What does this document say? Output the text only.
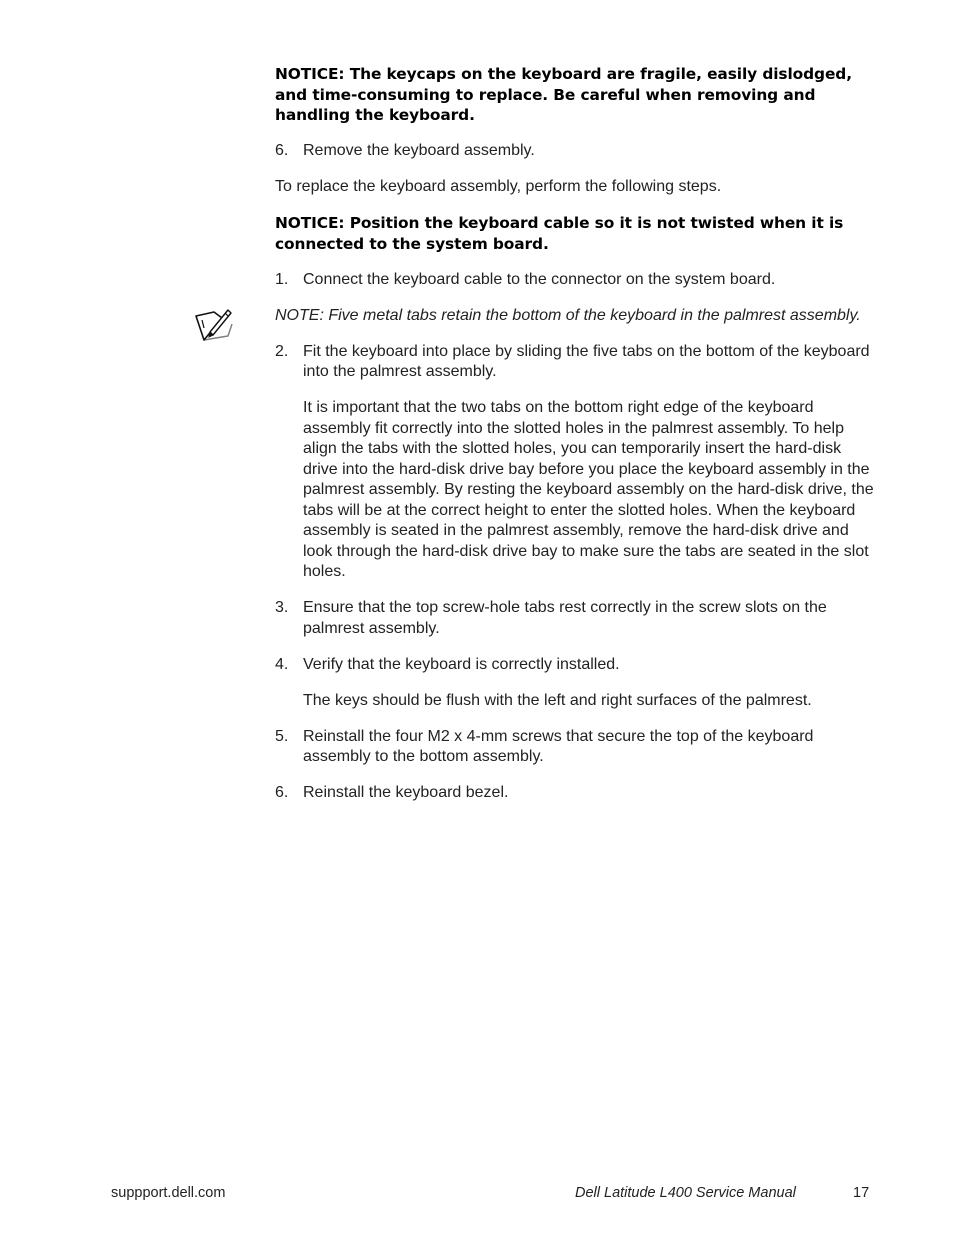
NOTICE: The keycaps on the keyboard are fragile, easily dislodged, and time-consuming to replace. Be careful when removing and handling the keyboard.

6. Remove the keyboard assembly.

To replace the keyboard assembly, perform the following steps.

NOTICE: Position the keyboard cable so it is not twisted when it is connected to the system board.

1. Connect the keyboard cable to the connector on the system board.

NOTE: Five metal tabs retain the bottom of the keyboard in the palmrest assembly.

2. Fit the keyboard into place by sliding the five tabs on the bottom of the keyboard into the palmrest assembly.

It is important that the two tabs on the bottom right edge of the keyboard assembly fit correctly into the slotted holes in the palmrest assembly. To help align the tabs with the slotted holes, you can temporarily insert the hard-disk drive into the hard-disk drive bay before you place the keyboard assembly in the palmrest assembly. By resting the keyboard assembly on the hard-disk drive, the tabs will be at the correct height to enter the slotted holes. When the keyboard assembly is seated in the palmrest assembly, remove the hard-disk drive and look through the hard-disk drive bay to make sure the tabs are seated in the slot holes.

3. Ensure that the top screw-hole tabs rest correctly in the screw slots on the palmrest assembly.

4. Verify that the keyboard is correctly installed.

The keys should be flush with the left and right surfaces of the palmrest.

5. Reinstall the four M2 x 4-mm screws that secure the top of the keyboard assembly to the bottom assembly.

6. Reinstall the keyboard bezel.

suppport.dell.com	Dell Latitude L400 Service Manual	17
